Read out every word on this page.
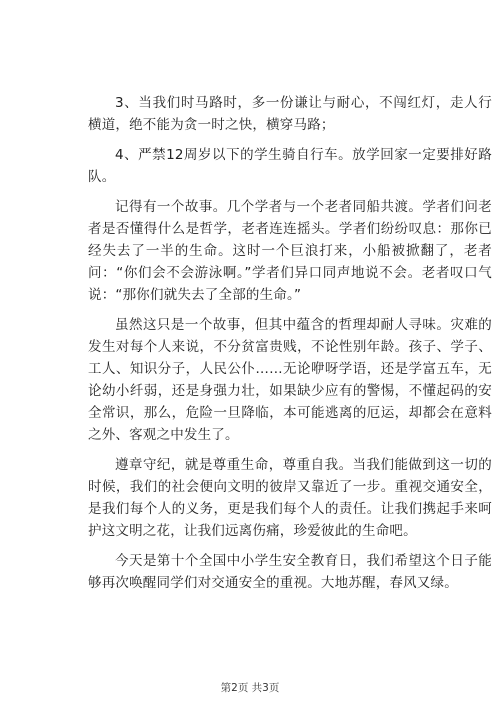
3、当我们时马路时，多一份谦让与耐心，不闯红灯，走人行横道，绝不能为贪一时之快，横穿马路；

4、严禁12周岁以下的学生骑自行车。放学回家一定要排好路队。

记得有一个故事。几个学者与一个老者同船共渡。学者们问老者是否懂得什么是哲学，老者连连摇头。学者们纷纷叹息：那你已经失去了一半的生命。这时一个巨浪打来，小船被掀翻了，老者问：“你们会不会游泳啊。”学者们异口同声地说不会。老者叹口气说：“那你们就失去了全部的生命。”

虽然这只是一个故事，但其中蕴含的哲理却耐人寻味。灾难的发生对每个人来说，不分贫富贵贱，不论性别年龄。孩子、学子、工人、知识分子，人民公仆……无论咿呀学语，还是学富五车，无论幼小纤弱，还是身强力壮，如果缺少应有的警惕，不懂起码的安全常识，那么，危险一旦降临，本可能逃离的厄运，却都会在意料之外、客观之中发生了。

遵章守纪，就是尊重生命，尊重自我。当我们能做到这一切的时候，我们的社会便向文明的彼岸又靠近了一步。重视交通安全，是我们每个人的义务，更是我们每个人的责任。让我们携起手来呵护这文明之花，让我们远离伤痛，珍爱彼此的生命吧。

今天是第十个全国中小学生安全教育日，我们希望这个日子能够再次唤醒同学们对交通安全的重视。大地苏醒，春风又绿。

第2页 共3页
